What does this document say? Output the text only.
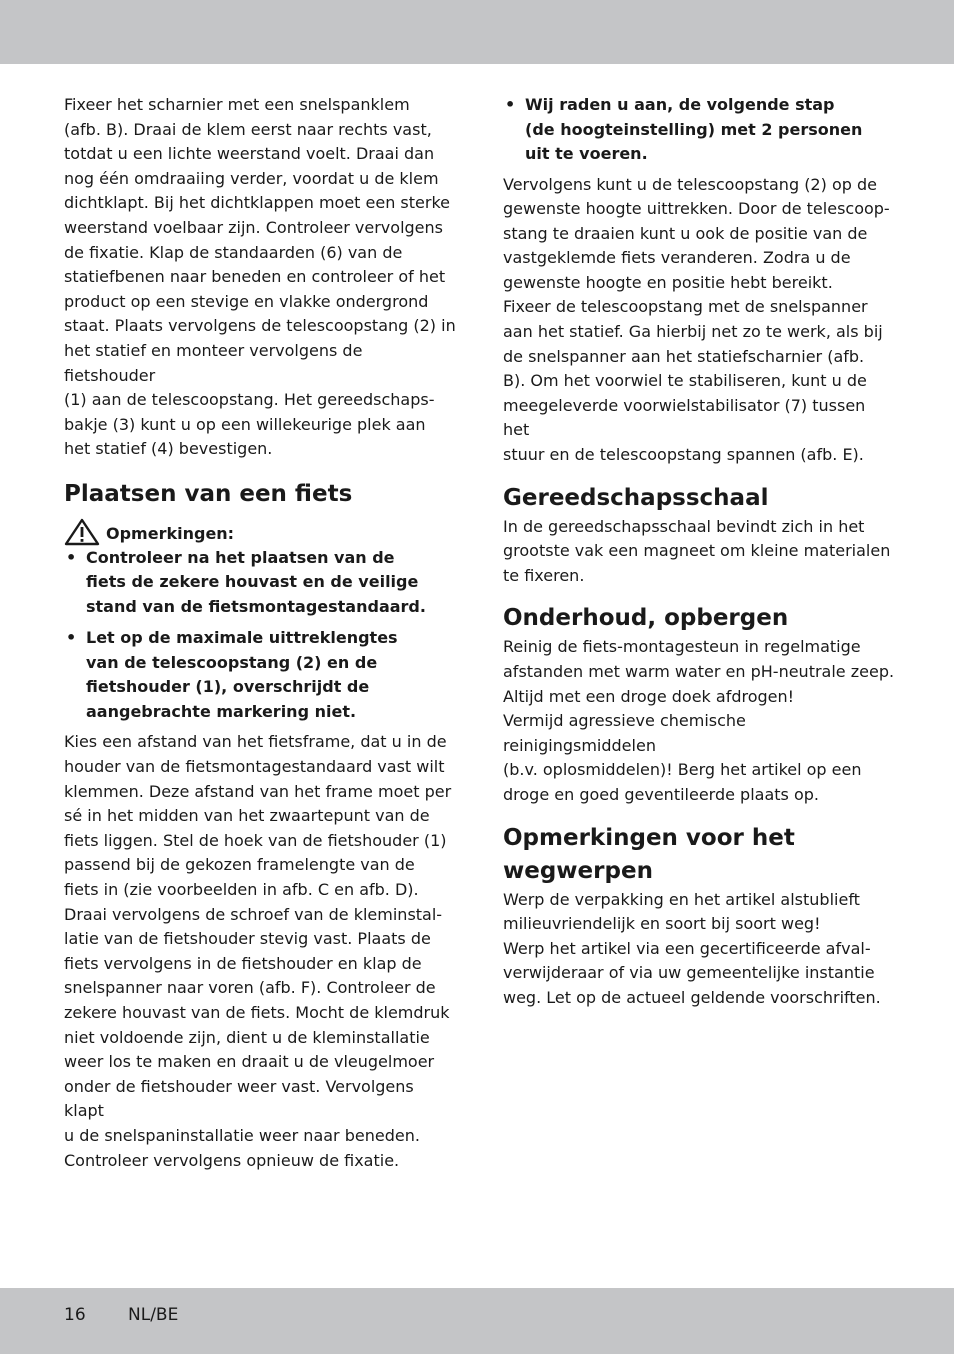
Fixeer het scharnier met een snelspanklem
(afb. B). Draai de klem eerst naar rechts vast,
totdat u een lichte weerstand voelt. Draai dan
nog één omdraaiing verder, voordat u de klem
dichtklapt. Bij het dichtklappen moet een sterke
weerstand voelbaar zijn. Controleer vervolgens
de fixatie. Klap de standaarden (6) van de
statiefbenen naar beneden en controleer of het
product op een stevige en vlakke ondergrond
staat. Plaats vervolgens de telescoopstang (2) in
het statief en monteer vervolgens de fietshouder
(1) aan de telescoopstang. Het gereedschaps-
bakje (3) kunt u op een willekeurige plek aan
het statief (4) bevestigen.

Plaatsen van een fiets
Opmerkingen:
• Controleer na het plaatsen van de
fiets de zekere houvast en de veilige
stand van de fietsmontagestandaard.
• Let op de maximale uittreklengtes
van de telescoopstang (2) en de
fietshouder (1), overschrijdt de
aangebrachte markering niet.

Kies een afstand van het fietsframe, dat u in de
houder van de fietsmontagestandaard vast wilt
klemmen. Deze afstand van het frame moet per
sé in het midden van het zwaartepunt van de
fiets liggen. Stel de hoek van de fietshouder (1)
passend bij de gekozen framelengte van de
fiets in (zie voorbeelden in afb. C en afb. D).
Draai vervolgens de schroef van de kleminstal-
latie van de fietshouder stevig vast. Plaats de
fiets vervolgens in de fietshouder en klap de
snelspanner naar voren (afb. F). Controleer de
zekere houvast van de fiets. Mocht de klemdruk
niet voldoende zijn, dient u de kleminstallatie
weer los te maken en draait u de vleugelmoer
onder de fietshouder weer vast. Vervolgens klapt
u de snelspaninstallatie weer naar beneden.
Controleer vervolgens opnieuw de fixatie.

• Wij raden u aan, de volgende stap
(de hoogteinstelling) met 2 personen
uit te voeren.

Vervolgens kunt u de telescoopstang (2) op de
gewenste hoogte uittrekken. Door de telescoop-
stang te draaien kunt u ook de positie van de
vastgeklemde fiets veranderen. Zodra u de
gewenste hoogte en positie hebt bereikt.
Fixeer de telescoopstang met de snelspanner
aan het statief. Ga hierbij net zo te werk, als bij
de snelspanner aan het statiefscharnier (afb.
B). Om het voorwiel te stabiliseren, kunt u de
meegeleverde voorwielstabilisator (7) tussen het
stuur en de telescoopstang spannen (afb. E).

Gereedschapsschaal

In de gereedschapsschaal bevindt zich in het
grootste vak een magneet om kleine materialen
te fixeren.

Onderhoud, opbergen

Reinig de fiets-montagesteun in regelmatige
afstanden met warm water en pH-neutrale zeep.
Altijd met een droge doek afdrogen!
Vermijd agressieve chemische reinigingsmiddelen
(b.v. oplosmiddelen)! Berg het artikel op een
droge en goed geventileerde plaats op.

Opmerkingen voor het
wegwerpen

Werp de verpakking en het artikel alstublieft
milieuvriendelijk en soort bij soort weg!
Werp het artikel via een gecertificeerde afval-
verwijderaar of via uw gemeentelijke instantie
weg. Let op de actueel geldende voorschriften.

16 NL/BE
